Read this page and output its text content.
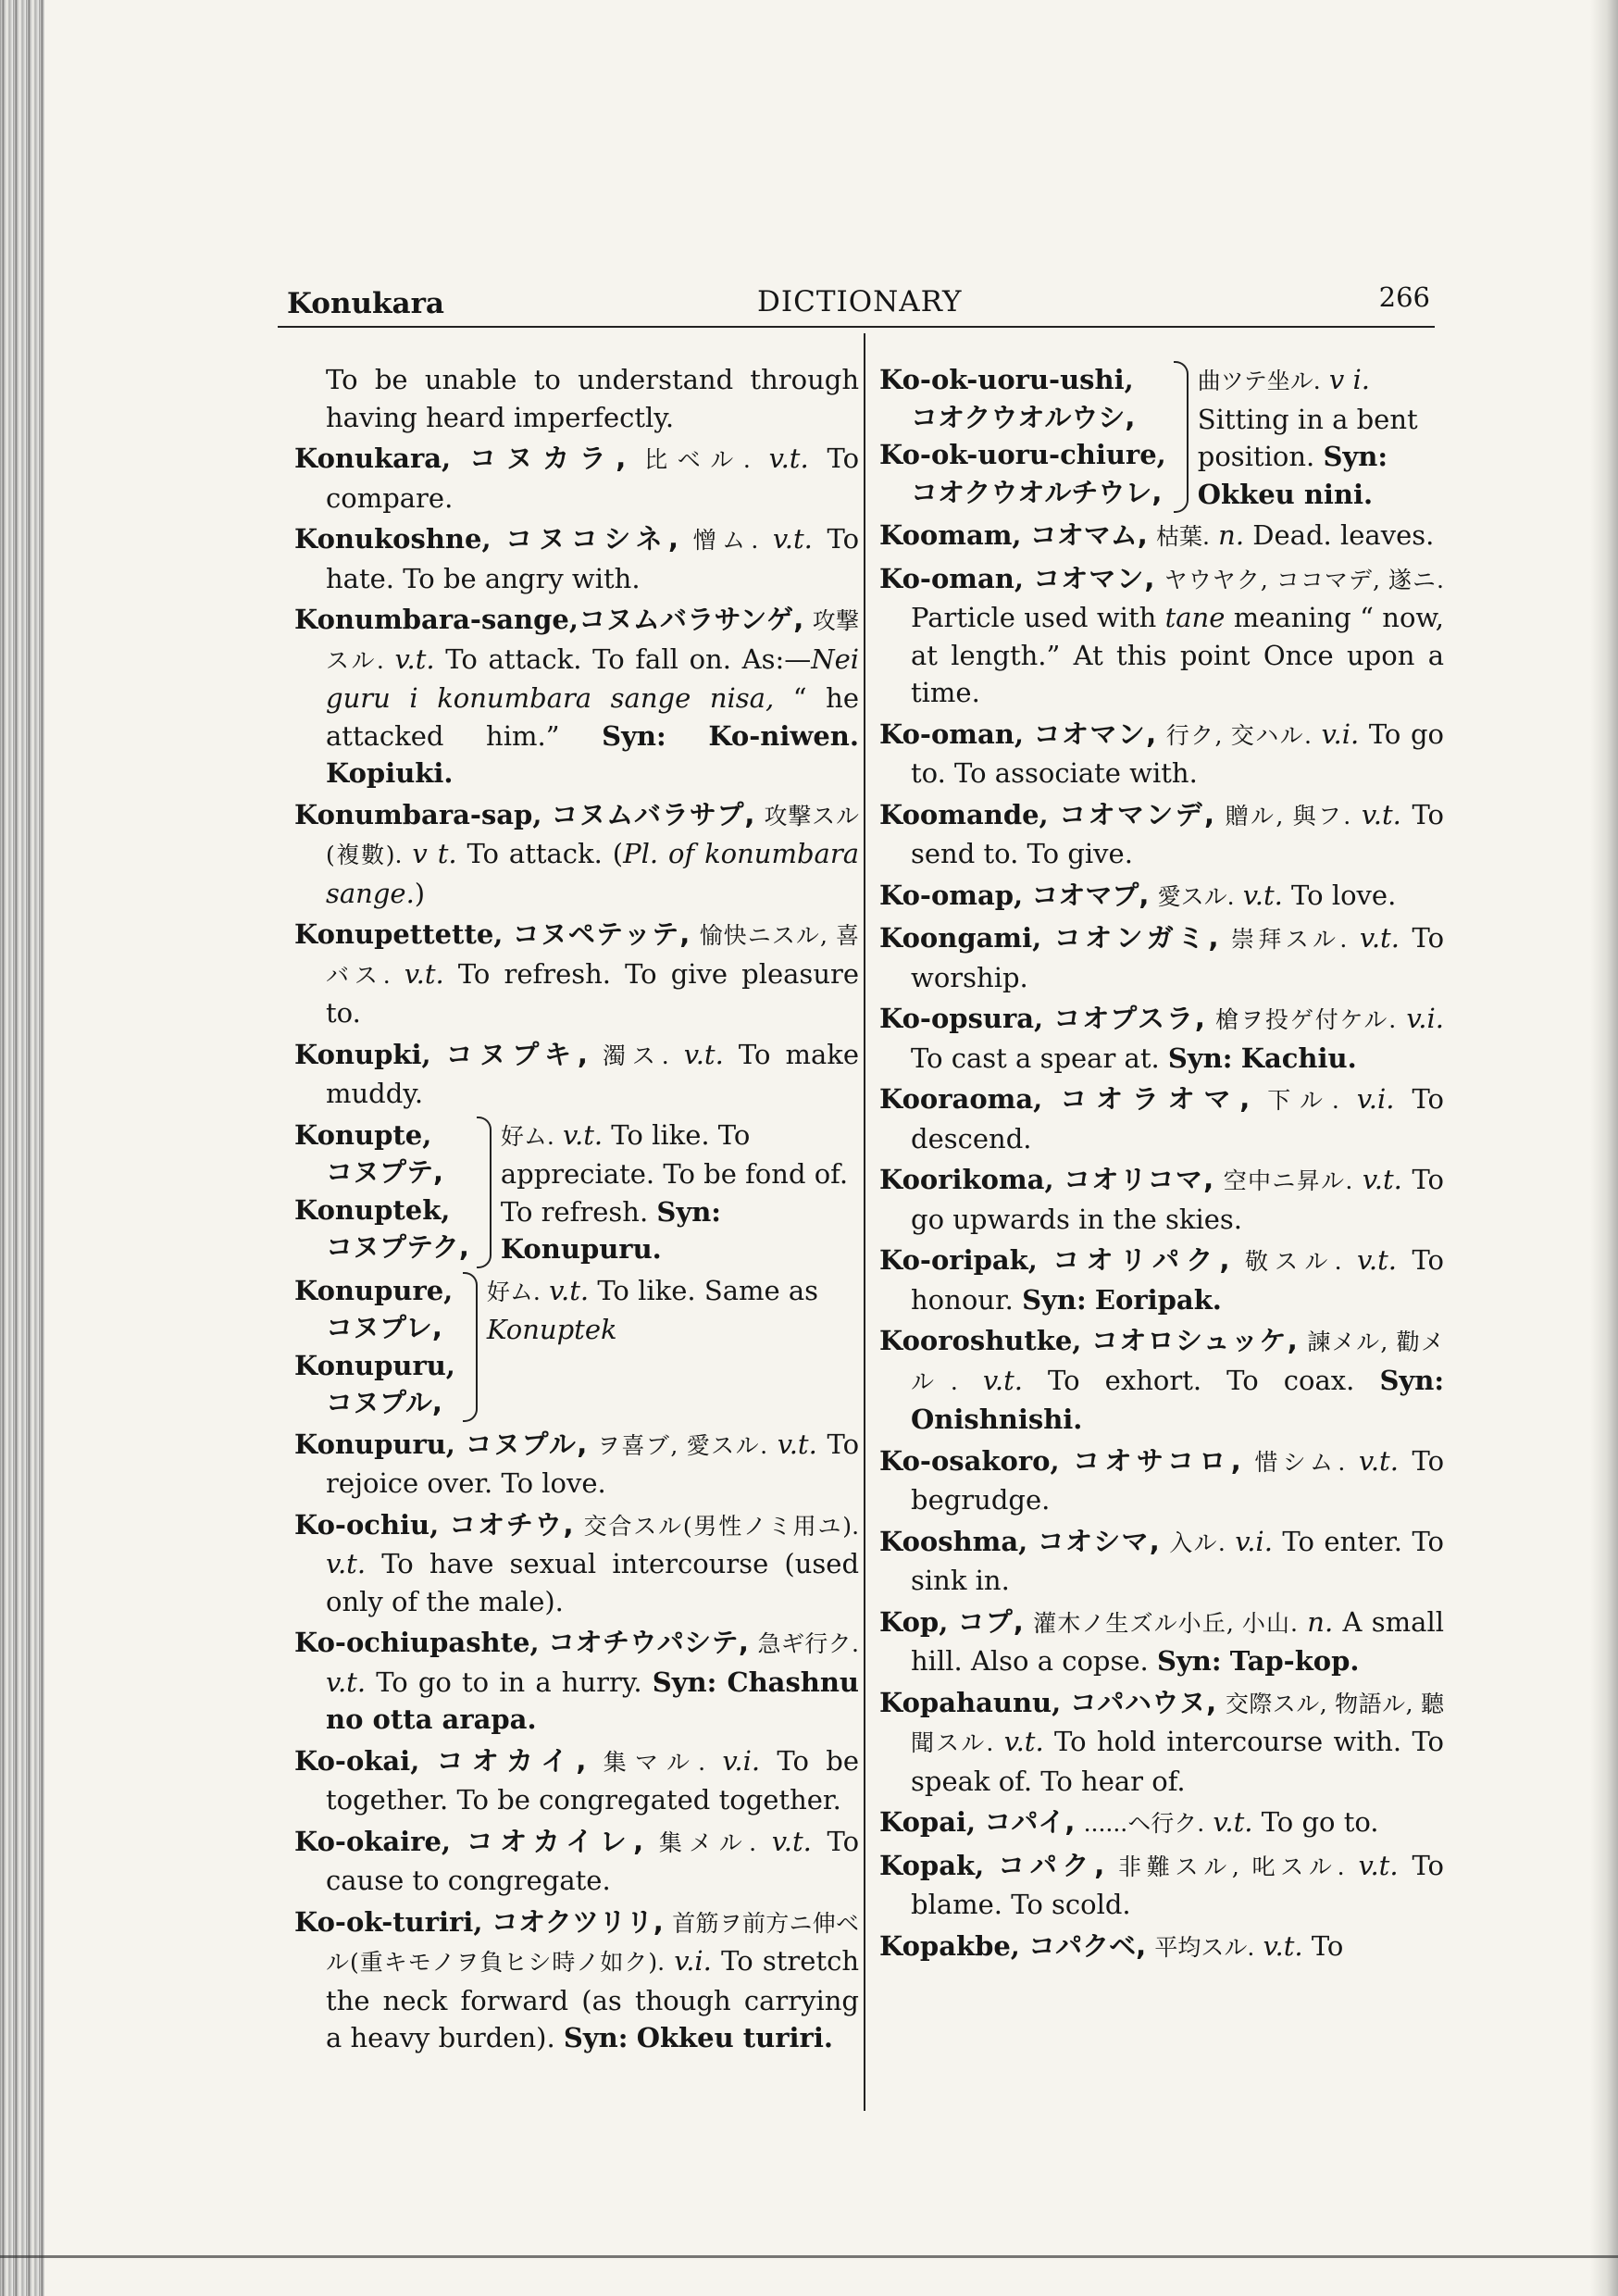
Konukara	DICTIONARY	266

To be unable to understand through having heard imperfectly.

Konukara, コヌカラ, 比ベル. v.t. To compare.

Konukoshne, コヌコシネ, 憎ム. v.t. To hate. To be angry with.

Konumbara-sange,コヌムバラサンゲ, 攻撃スル. v.t. To attack. To fall on. As:—Nei guru i konumbara sange nisa, “ he attacked him.” Syn: Ko-niwen. Kopiuki.

Konumbara-sap, コヌムバラサプ, 攻撃スル(複數). v t. To attack. (Pl. of konumbara sange.)

Konupettette, コヌペテッテ, 愉快ニスル, 喜バス. v.t. To refresh. To give pleasure to.

Konupki, コヌプキ, 濁ス. v.t. To make muddy.

Konupte,
コヌプテ,
Konuptek,
コヌプテク,
好ム. v.t. To like. To appreciate. To be fond of. To refresh. Syn: Konupuru.
Konupure,
コヌプレ,
Konupuru,
コヌプル,
好ム. v.t. To like. Same as Konuptek

Konupuru, コヌプル, ヲ喜ブ, 愛スル. v.t. To rejoice over. To love.

Ko-ochiu, コオチウ, 交合スル(男性ノミ用ユ). v.t. To have sexual intercourse (used only of the male).

Ko-ochiupashte, コオチウパシテ, 急ギ行ク. v.t. To go to in a hurry. Syn: Chashnu no otta arapa.

Ko-okai, コオカイ, 集マル. v.i. To be together. To be congregated together.

Ko-okaire, コオカイレ, 集メル. v.t. To cause to congregate.

Ko-ok-turiri, コオクツリリ, 首筋ヲ前方ニ伸ベル(重キモノヲ負ヒシ時ノ如ク). v.i. To stretch the neck forward (as though carrying a heavy burden). Syn: Okkeu turiri.

Ko-ok-uoru-ushi,
コオクウオルウシ,
Ko-ok-uoru-chiure,
コオクウオルチウレ,
曲ツテ坐ル. v i. Sitting in a bent position. Syn: Okkeu nini.

Koomam, コオマム, 枯葉. n. Dead. leaves.

Ko-oman, コオマン, ヤウヤク, ココマデ, 遂ニ. Particle used with tane meaning “ now, at length.” At this point Once upon a time.

Ko-oman, コオマン, 行ク, 交ハル. v.i. To go to. To associate with.

Koomande, コオマンデ, 贈ル, 與フ. v.t. To send to. To give.

Ko-omap, コオマプ, 愛スル. v.t. To love.

Koongami, コオンガミ, 崇拜スル. v.t. To worship.

Ko-opsura, コオプスラ, 槍ヲ投ゲ付ケル. v.i. To cast a spear at. Syn: Kachiu.

Kooraoma, コオラオマ, 下ル. v.i. To descend.

Koorikoma, コオリコマ, 空中ニ昇ル. v.t. To go upwards in the skies.

Ko-oripak, コオリパク, 敬スル. v.t. To honour. Syn: Eoripak.

Kooroshutke, コオロシュッケ, 諫メル, 勸メル. v.t. To exhort. To coax. Syn: Onishnishi.

Ko-osakoro, コオサコロ, 惜シム. v.t. To begrudge.

Kooshma, コオシマ, 入ル. v.i. To enter. To sink in.

Kop, コプ, 灌木ノ生ズル小丘, 小山. n. A small hill. Also a copse. Syn: Tap-kop.

Kopahaunu, コパハウヌ, 交際スル, 物語ル, 聽聞スル. v.t. To hold intercourse with. To speak of. To hear of.

Kopai, コパイ, ......ヘ行ク. v.t. To go to.

Kopak, コパク, 非難スル, 叱スル. v.t. To blame. To scold.

Kopakbe, コパクベ, 平均スル. v.t. To
